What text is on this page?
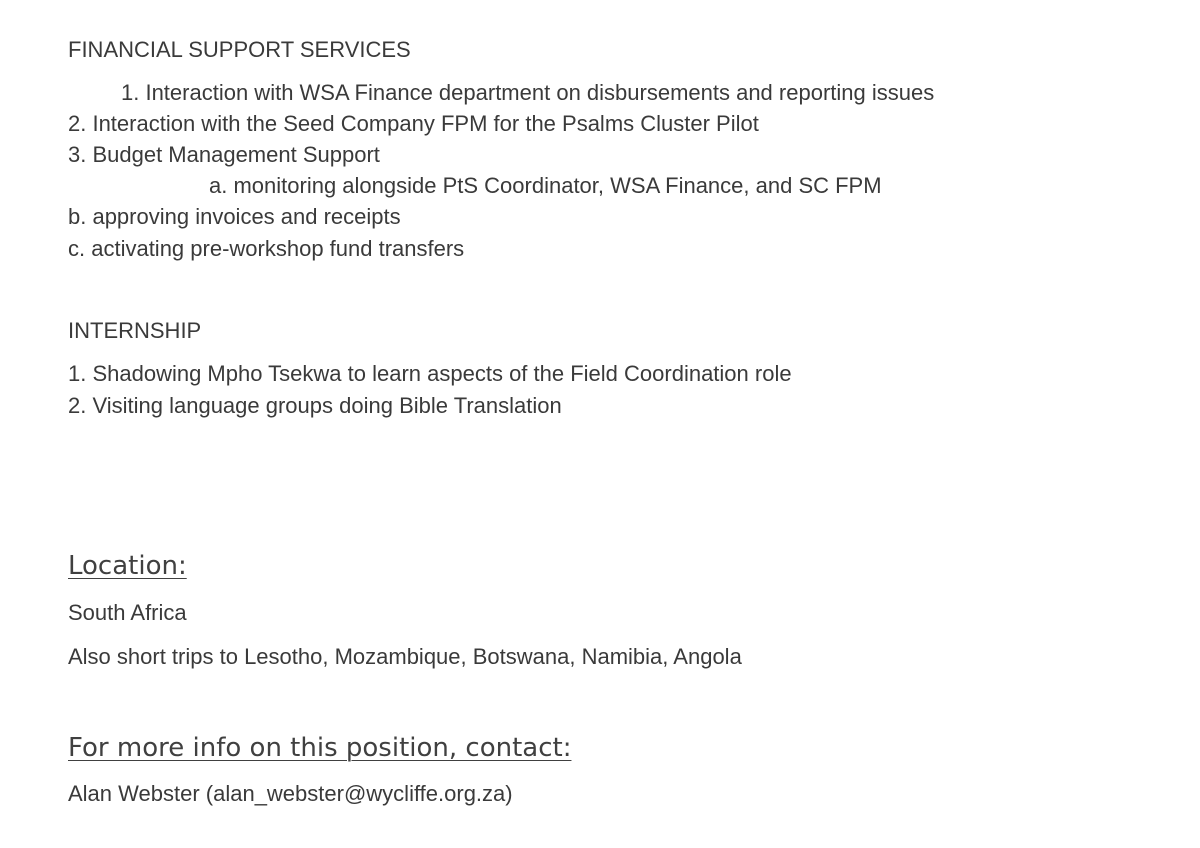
FINANCIAL SUPPORT SERVICES
1. Interaction with WSA Finance department on disbursements and reporting issues
2. Interaction with the Seed Company FPM for the Psalms Cluster Pilot
3. Budget Management Support
a. monitoring alongside PtS Coordinator, WSA Finance, and SC FPM
b. approving invoices and receipts
c. activating pre-workshop fund transfers
INTERNSHIP
1. Shadowing Mpho Tsekwa to learn aspects of the Field Coordination role
2. Visiting language groups doing Bible Translation
Location:
South Africa
Also short trips to Lesotho, Mozambique, Botswana, Namibia, Angola
For more info on this position, contact:
Alan Webster (alan_webster@wycliffe.org.za)
